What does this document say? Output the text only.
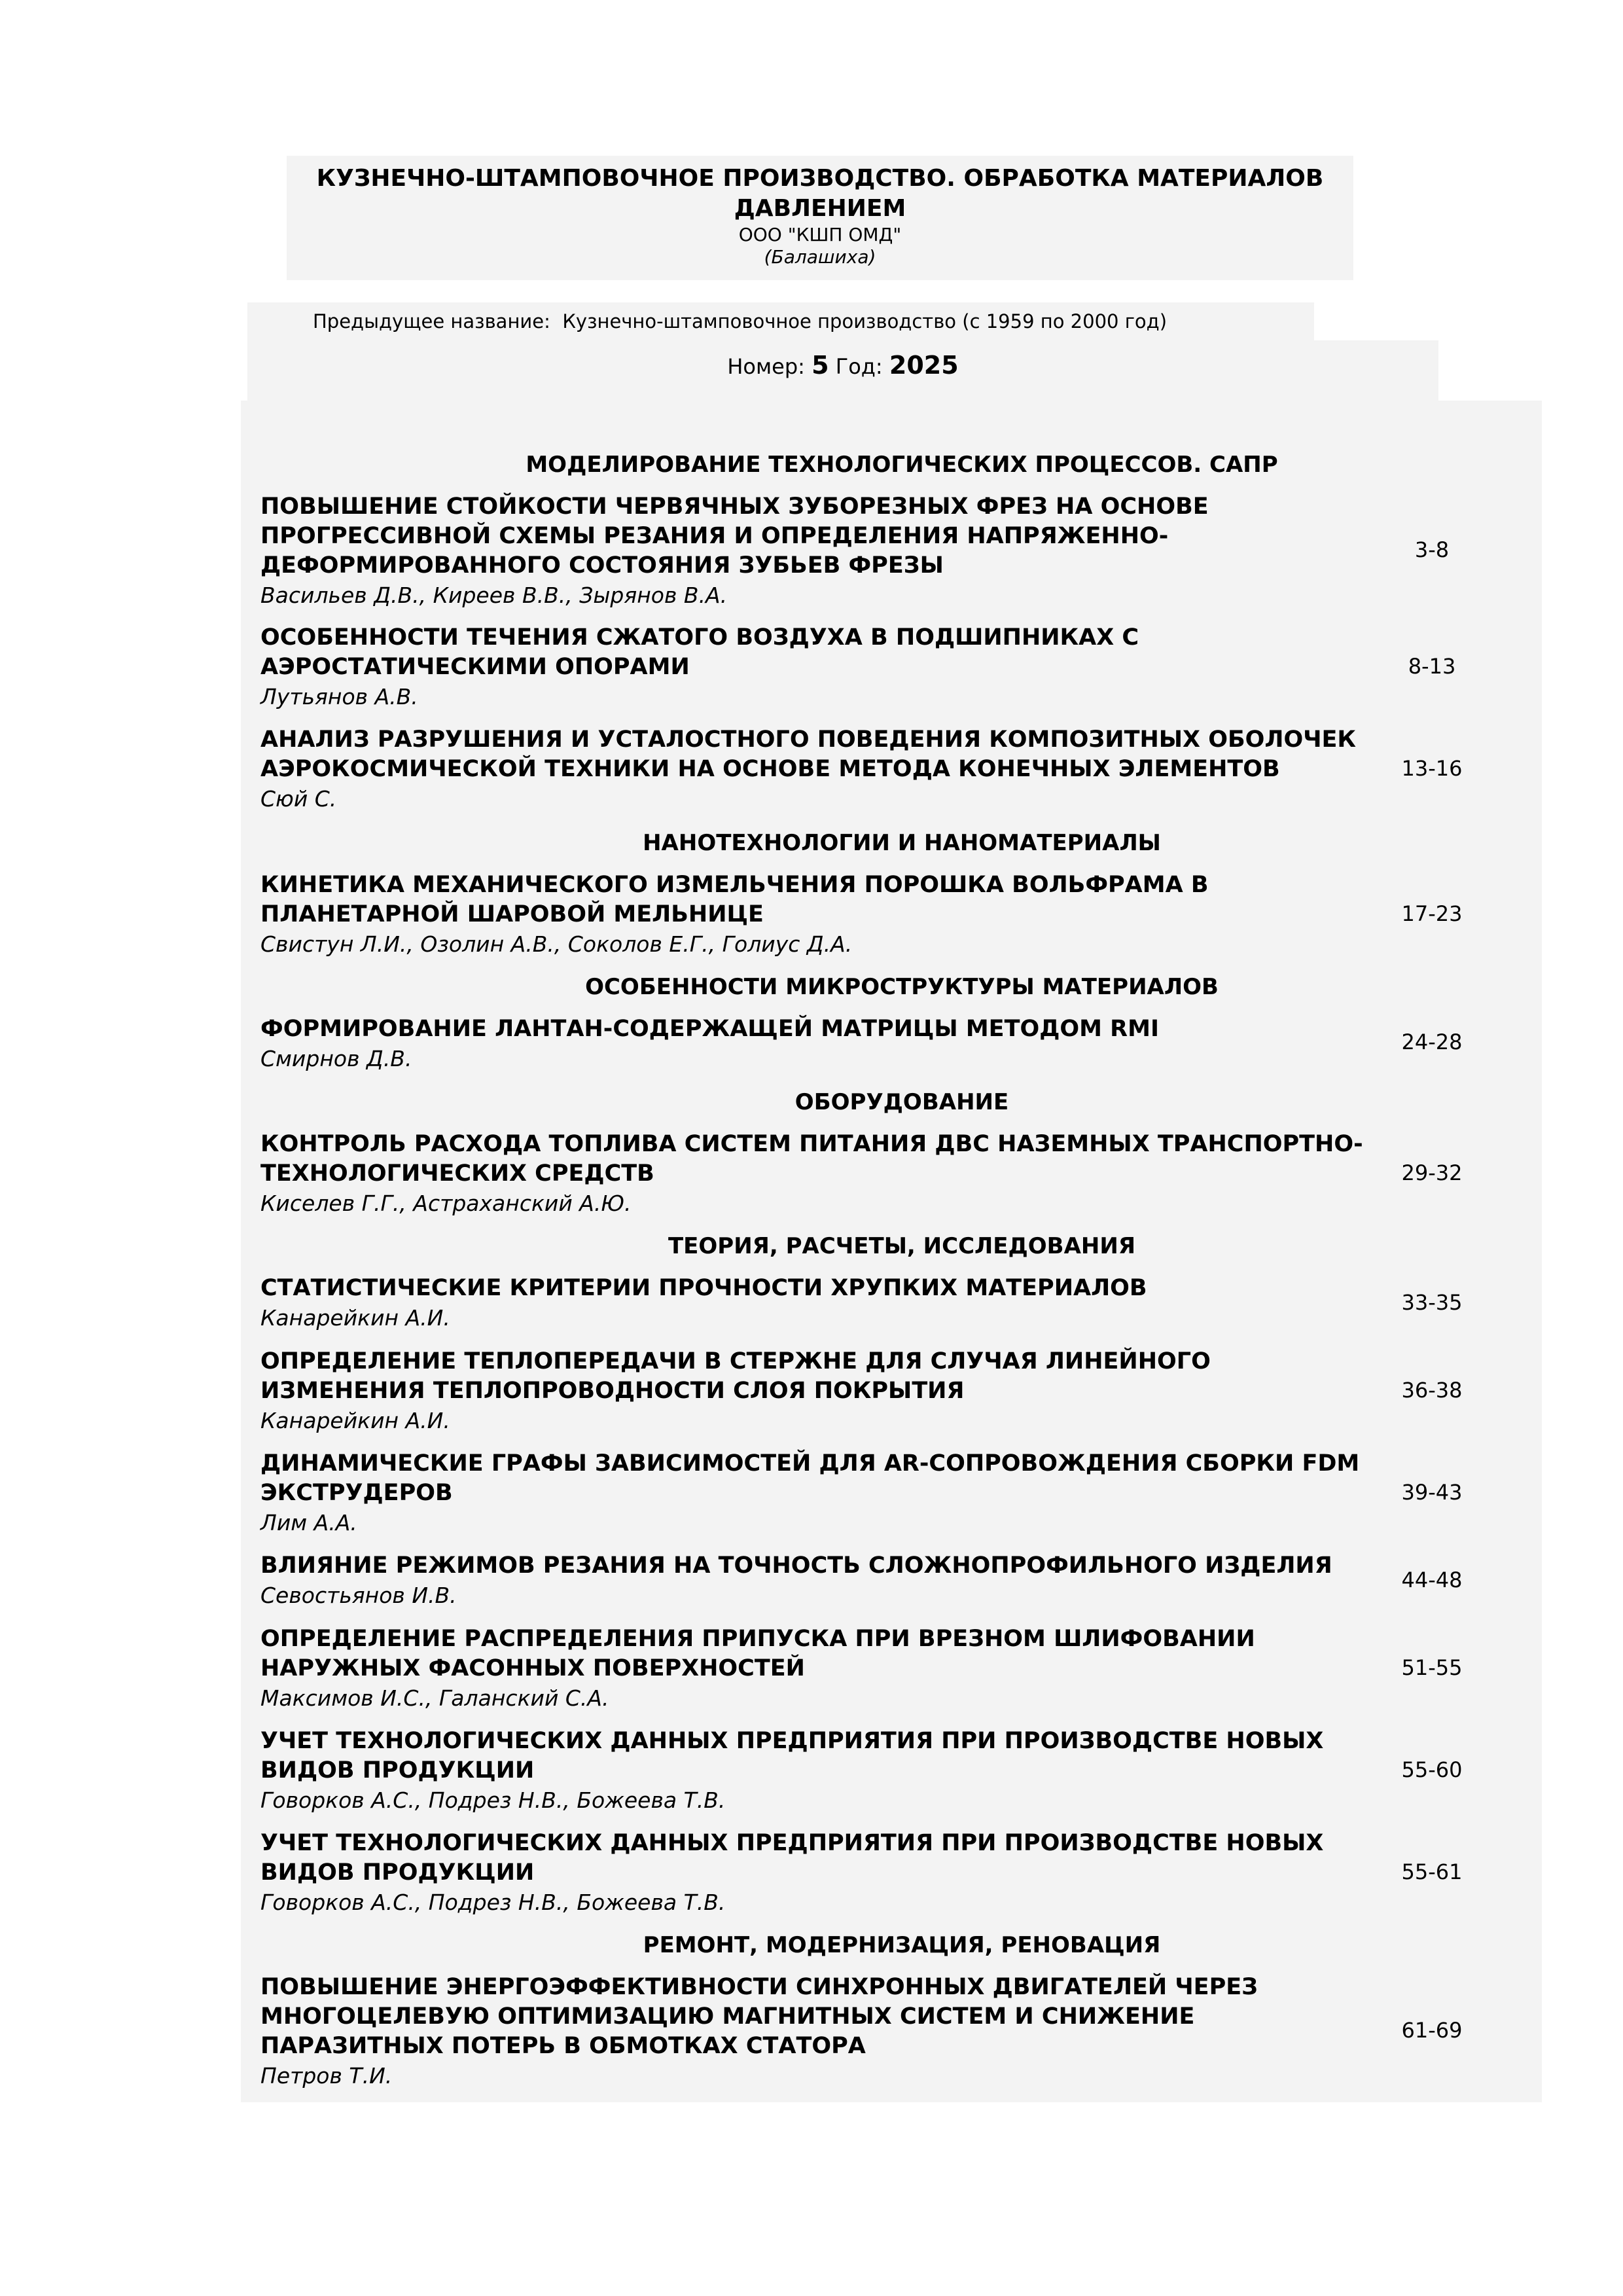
КУЗНЕЧНО-ШТАМПОВОЧНОЕ ПРОИЗВОДСТВО. ОБРАБОТКА МАТЕРИАЛОВ ДАВЛЕНИЕМ
ООО "КШП ОМД"
(Балашиха)
Предыдущее название: Кузнечно-штамповочное производство (с 1959 по 2000 год)
Номер: 5 Год: 2025
МОДЕЛИРОВАНИЕ ТЕХНОЛОГИЧЕСКИХ ПРОЦЕССОВ. САПР
ПОВЫШЕНИЕ СТОЙКОСТИ ЧЕРВЯЧНЫХ ЗУБОРЕЗНЫХ ФРЕЗ НА ОСНОВЕ ПРОГРЕССИВНОЙ СХЕМЫ РЕЗАНИЯ И ОПРЕДЕЛЕНИЯ НАПРЯЖЕННО-ДЕФОРМИРОВАННОГО СОСТОЯНИЯ ЗУБЬЕВ ФРЕЗЫ
Васильев Д.В., Киреев В.В., Зырянов В.А.
3-8
ОСОБЕННОСТИ ТЕЧЕНИЯ СЖАТОГО ВОЗДУХА В ПОДШИПНИКАХ С АЭРОСТАТИЧЕСКИМИ ОПОРАМИ
Лутьянов А.В.
8-13
АНАЛИЗ РАЗРУШЕНИЯ И УСТАЛОСТНОГО ПОВЕДЕНИЯ КОМПОЗИТНЫХ ОБОЛОЧЕК АЭРОКОСМИЧЕСКОЙ ТЕХНИКИ НА ОСНОВЕ МЕТОДА КОНЕЧНЫХ ЭЛЕМЕНТОВ
Сюй С.
13-16
НАНОТЕХНОЛОГИИ И НАНОМАТЕРИАЛЫ
КИНЕТИКА МЕХАНИЧЕСКОГО ИЗМЕЛЬЧЕНИЯ ПОРОШКА ВОЛЬФРАМА В ПЛАНЕТАРНОЙ ШАРОВОЙ МЕЛЬНИЦЕ
Свистун Л.И., Озолин А.В., Соколов Е.Г., Голиус Д.А.
17-23
ОСОБЕННОСТИ МИКРОСТРУКТУРЫ МАТЕРИАЛОВ
ФОРМИРОВАНИЕ ЛАНТАН-СОДЕРЖАЩЕЙ МАТРИЦЫ МЕТОДОМ RMI
Смирнов Д.В.
24-28
ОБОРУДОВАНИЕ
КОНТРОЛЬ РАСХОДА ТОПЛИВА СИСТЕМ ПИТАНИЯ ДВС НАЗЕМНЫХ ТРАНСПОРТНО-ТЕХНОЛОГИЧЕСКИХ СРЕДСТВ
Киселев Г.Г., Астраханский А.Ю.
29-32
ТЕОРИЯ, РАСЧЕТЫ, ИССЛЕДОВАНИЯ
СТАТИСТИЧЕСКИЕ КРИТЕРИИ ПРОЧНОСТИ ХРУПКИХ МАТЕРИАЛОВ
Канарейкин А.И.
33-35
ОПРЕДЕЛЕНИЕ ТЕПЛОПЕРЕДАЧИ В СТЕРЖНЕ ДЛЯ СЛУЧАЯ ЛИНЕЙНОГО ИЗМЕНЕНИЯ ТЕПЛОПРОВОДНОСТИ СЛОЯ ПОКРЫТИЯ
Канарейкин А.И.
36-38
ДИНАМИЧЕСКИЕ ГРАФЫ ЗАВИСИМОСТЕЙ ДЛЯ AR-СОПРОВОЖДЕНИЯ СБОРКИ FDM ЭКСТРУДЕРОВ
Лим А.А.
39-43
ВЛИЯНИЕ РЕЖИМОВ РЕЗАНИЯ НА ТОЧНОСТЬ СЛОЖНОПРОФИЛЬНОГО ИЗДЕЛИЯ
Севостьянов И.В.
44-48
ОПРЕДЕЛЕНИЕ РАСПРЕДЕЛЕНИЯ ПРИПУСКА ПРИ ВРЕЗНОМ ШЛИФОВАНИИ НАРУЖНЫХ ФАСОННЫХ ПОВЕРХНОСТЕЙ
Максимов И.С., Галанский С.А.
51-55
УЧЕТ ТЕХНОЛОГИЧЕСКИХ ДАННЫХ ПРЕДПРИЯТИЯ ПРИ ПРОИЗВОДСТВЕ НОВЫХ ВИДОВ ПРОДУКЦИИ
Говорков А.С., Подрез Н.В., Божеева Т.В.
55-60
УЧЕТ ТЕХНОЛОГИЧЕСКИХ ДАННЫХ ПРЕДПРИЯТИЯ ПРИ ПРОИЗВОДСТВЕ НОВЫХ ВИДОВ ПРОДУКЦИИ
Говорков А.С., Подрез Н.В., Божеева Т.В.
55-61
РЕМОНТ, МОДЕРНИЗАЦИЯ, РЕНОВАЦИЯ
ПОВЫШЕНИЕ ЭНЕРГОЭФФЕКТИВНОСТИ СИНХРОННЫХ ДВИГАТЕЛЕЙ ЧЕРЕЗ МНОГОЦЕЛЕВУЮ ОПТИМИЗАЦИЮ МАГНИТНЫХ СИСТЕМ И СНИЖЕНИЕ ПАРАЗИТНЫХ ПОТЕРЬ В ОБМОТКАХ СТАТОРА
Петров Т.И.
61-69
